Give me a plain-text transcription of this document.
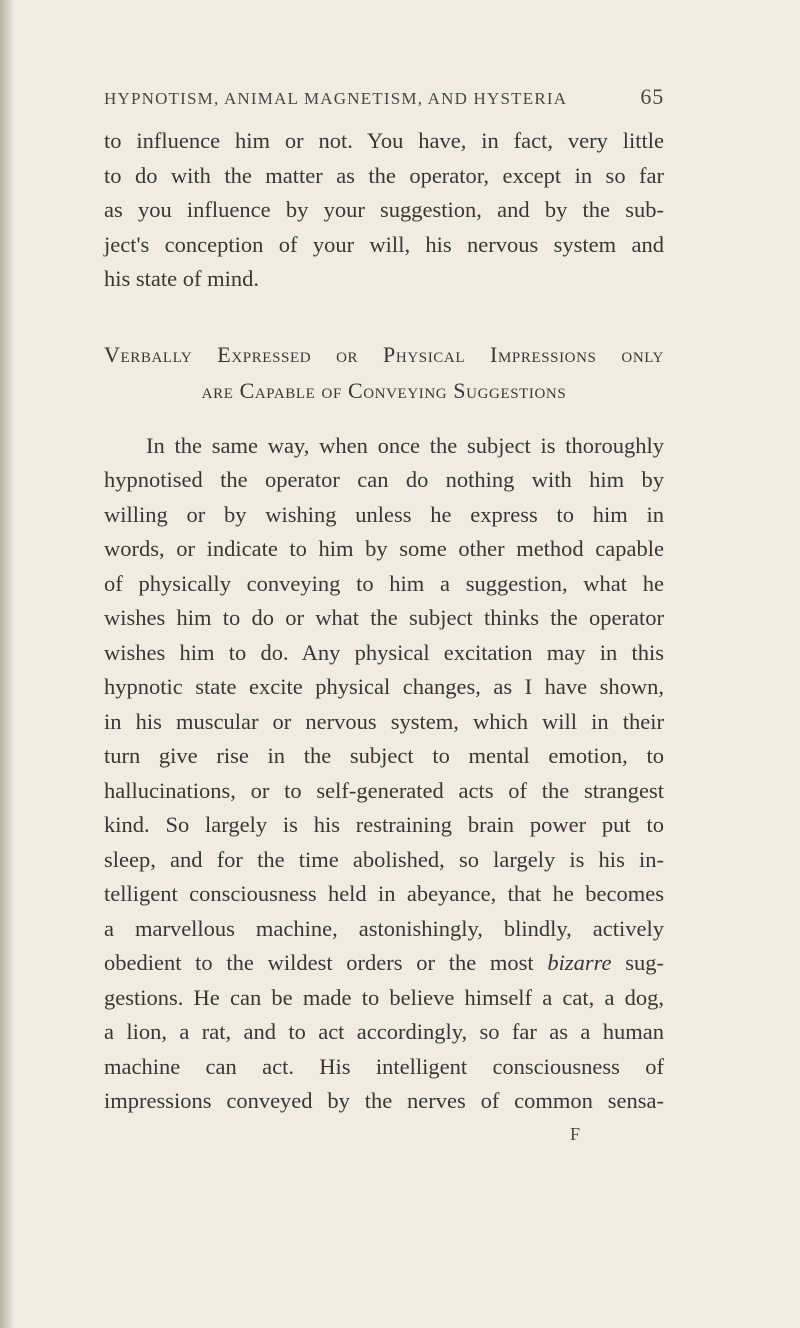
HYPNOTISM, ANIMAL MAGNETISM, AND HYSTERIA	65

to influence him or not. You have, in fact, very little
to do with the matter as the operator, except in so far
as you influence by your suggestion, and by the sub-
ject's conception of your will, his nervous system and
his state of mind.

Verbally Expressed or Physical Impressions only
are Capable of Conveying Suggestions

In the same way, when once the subject is thoroughly
hypnotised the operator can do nothing with him by
willing or by wishing unless he express to him in
words, or indicate to him by some other method capable
of physically conveying to him a suggestion, what he
wishes him to do or what the subject thinks the operator
wishes him to do. Any physical excitation may in this
hypnotic state excite physical changes, as I have shown,
in his muscular or nervous system, which will in their
turn give rise in the subject to mental emotion, to
hallucinations, or to self-generated acts of the strangest
kind. So largely is his restraining brain power put to
sleep, and for the time abolished, so largely is his in-
telligent consciousness held in abeyance, that he becomes
a marvellous machine, astonishingly, blindly, actively
obedient to the wildest orders or the most bizarre sug-
gestions. He can be made to believe himself a cat, a dog,
a lion, a rat, and to act accordingly, so far as a human
machine can act. His intelligent consciousness of
impressions conveyed by the nerves of common sensa-

F
